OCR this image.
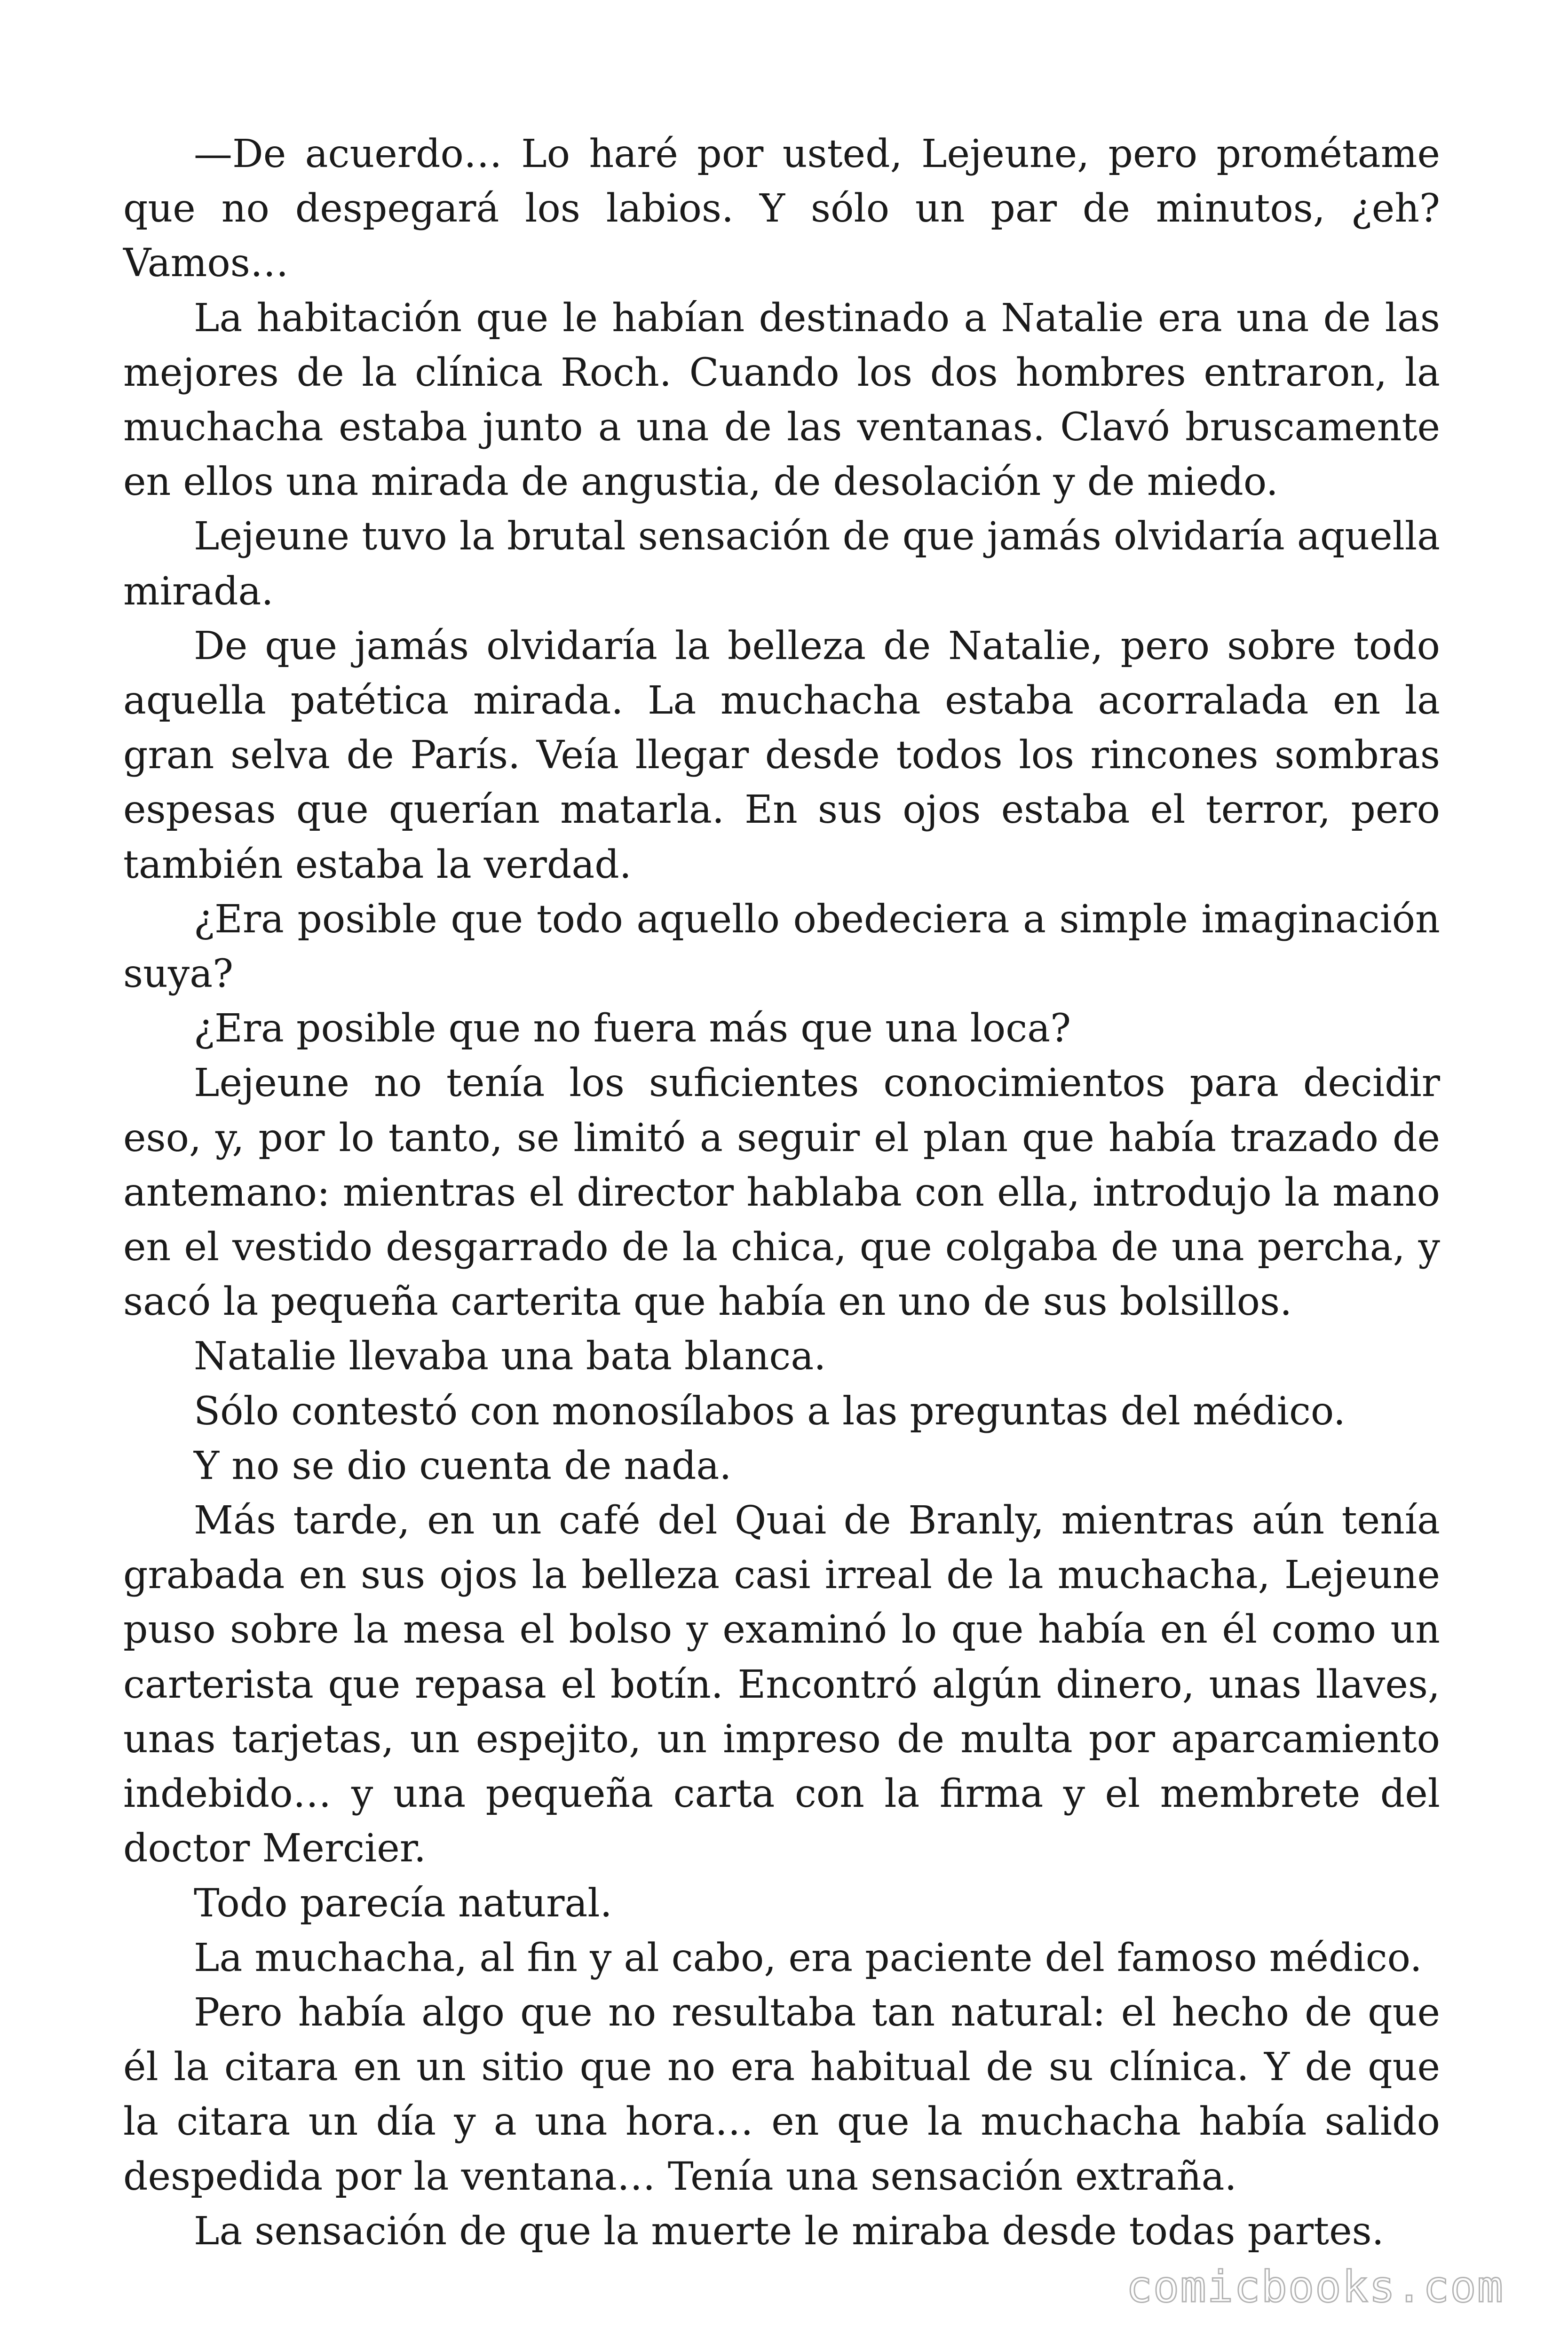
—De acuerdo… Lo haré por usted, Lejeune, pero prométame que no despegará los labios. Y sólo un par de minutos, ¿eh? Vamos…

La habitación que le habían destinado a Natalie era una de las mejores de la clínica Roch. Cuando los dos hombres entraron, la muchacha estaba junto a una de las ventanas. Clavó bruscamente en ellos una mirada de angustia, de desolación y de miedo.

Lejeune tuvo la brutal sensación de que jamás olvidaría aquella mirada.

De que jamás olvidaría la belleza de Natalie, pero sobre todo aquella patética mirada. La muchacha estaba acorralada en la gran selva de París. Veía llegar desde todos los rincones sombras espesas que querían matarla. En sus ojos estaba el terror, pero también estaba la verdad.

¿Era posible que todo aquello obedeciera a simple imaginación suya?

¿Era posible que no fuera más que una loca?

Lejeune no tenía los suficientes conocimientos para decidir eso, y, por lo tanto, se limitó a seguir el plan que había trazado de antemano: mientras el director hablaba con ella, introdujo la mano en el vestido desgarrado de la chica, que colgaba de una percha, y sacó la pequeña carterita que había en uno de sus bolsillos.

Natalie llevaba una bata blanca.

Sólo contestó con monosílabos a las preguntas del médico.

Y no se dio cuenta de nada.

Más tarde, en un café del Quai de Branly, mientras aún tenía grabada en sus ojos la belleza casi irreal de la muchacha, Lejeune puso sobre la mesa el bolso y examinó lo que había en él como un carterista que repasa el botín. Encontró algún dinero, unas llaves, unas tarjetas, un espejito, un impreso de multa por aparcamiento indebido… y una pequeña carta con la firma y el membrete del doctor Mercier.

Todo parecía natural.

La muchacha, al fin y al cabo, era paciente del famoso médico.

Pero había algo que no resultaba tan natural: el hecho de que él la citara en un sitio que no era habitual de su clínica. Y de que la citara un día y a una hora… en que la muchacha había salido despedida por la ventana… Tenía una sensación extraña.

La sensación de que la muerte le miraba desde todas partes.

comicbooks.com
